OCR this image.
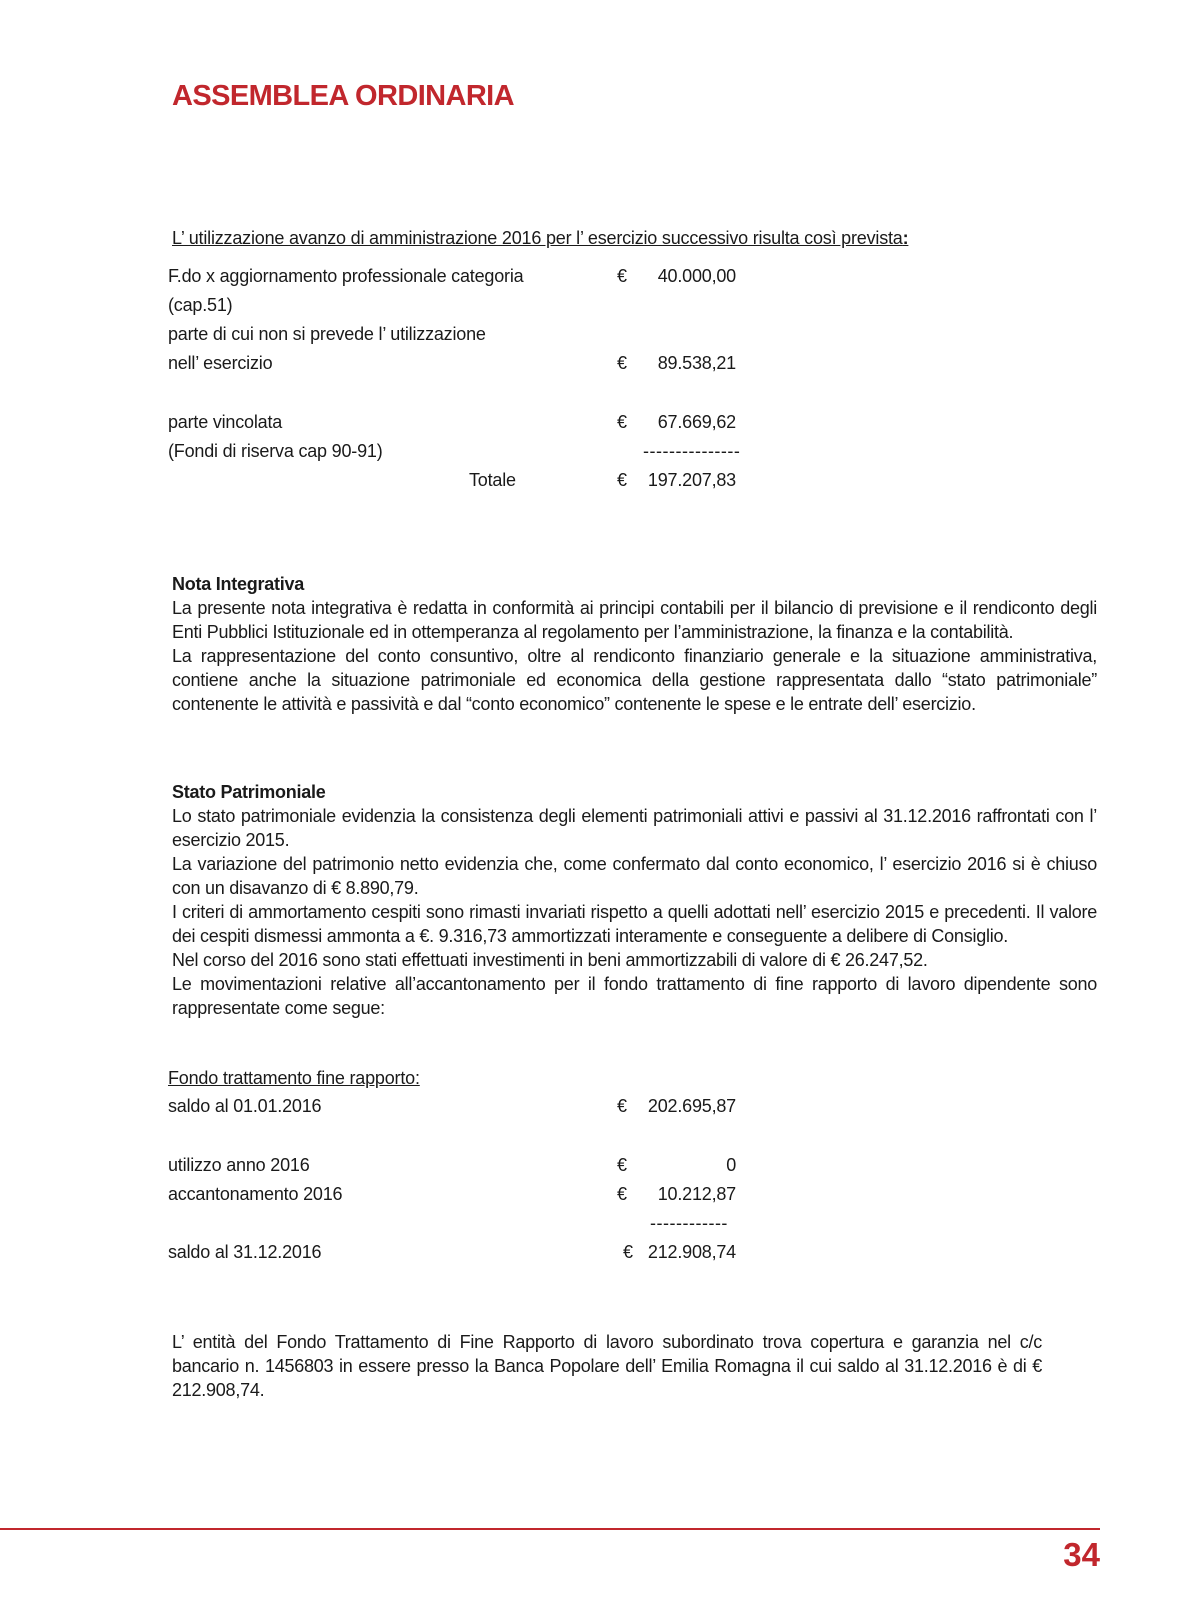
ASSEMBLEA ORDINARIA

L’ utilizzazione avanzo di amministrazione 2016 per l’ esercizio successivo risulta così prevista:

F.do x aggiornamento professionale categoria	€	40.000,00
(cap.51)
parte di cui non si prevede l’ utilizzazione
nell’ esercizio	€	89.538,21
parte vincolata	€	67.669,62
(Fondi di riserva cap 90-91)	---------------
Totale	€	197.207,83
Nota Integrativa

La presente nota integrativa è redatta in conformità ai principi contabili per il bilancio di previsione e il rendiconto degli Enti Pubblici Istituzionale ed in ottemperanza al regolamento per l’amministrazione, la finanza e la contabilità.

La rappresentazione del conto consuntivo, oltre al rendiconto finanziario generale e la situazione amministrativa, contiene anche la situazione patrimoniale ed economica della gestione rappresentata dallo “stato patrimoniale” contenente le attività e passività e dal “conto economico” contenente le spese e le entrate dell’ esercizio.

Stato Patrimoniale

Lo stato patrimoniale evidenzia la consistenza degli elementi patrimoniali attivi e passivi al 31.12.2016 raffrontati con l’ esercizio 2015.

La variazione del patrimonio netto evidenzia che, come confermato dal conto economico, l’ esercizio 2016 si è chiuso con un disavanzo di € 8.890,79.

I criteri di ammortamento cespiti sono rimasti invariati rispetto a quelli adottati nell’ esercizio 2015 e precedenti. Il valore dei cespiti dismessi ammonta a €. 9.316,73 ammortizzati interamente e conseguente a delibere di Consiglio.

Nel corso del 2016 sono stati effettuati investimenti in beni ammortizzabili di valore di € 26.247,52.

Le movimentazioni relative all’accantonamento per il fondo trattamento di fine rapporto di lavoro dipendente sono rappresentate come segue:

Fondo trattamento fine rapporto:
saldo al 01.01.2016	€	202.695,87
utilizzo anno 2016	€	0
accantonamento 2016	€	10.212,87
------------
saldo al 31.12.2016	€ 212.908,74

L’ entità del Fondo Trattamento di Fine Rapporto di lavoro subordinato trova copertura e garanzia nel c/c bancario n. 1456803 in essere presso la Banca Popolare dell’ Emilia Romagna il cui saldo al 31.12.2016 è di € 212.908,74.

34
